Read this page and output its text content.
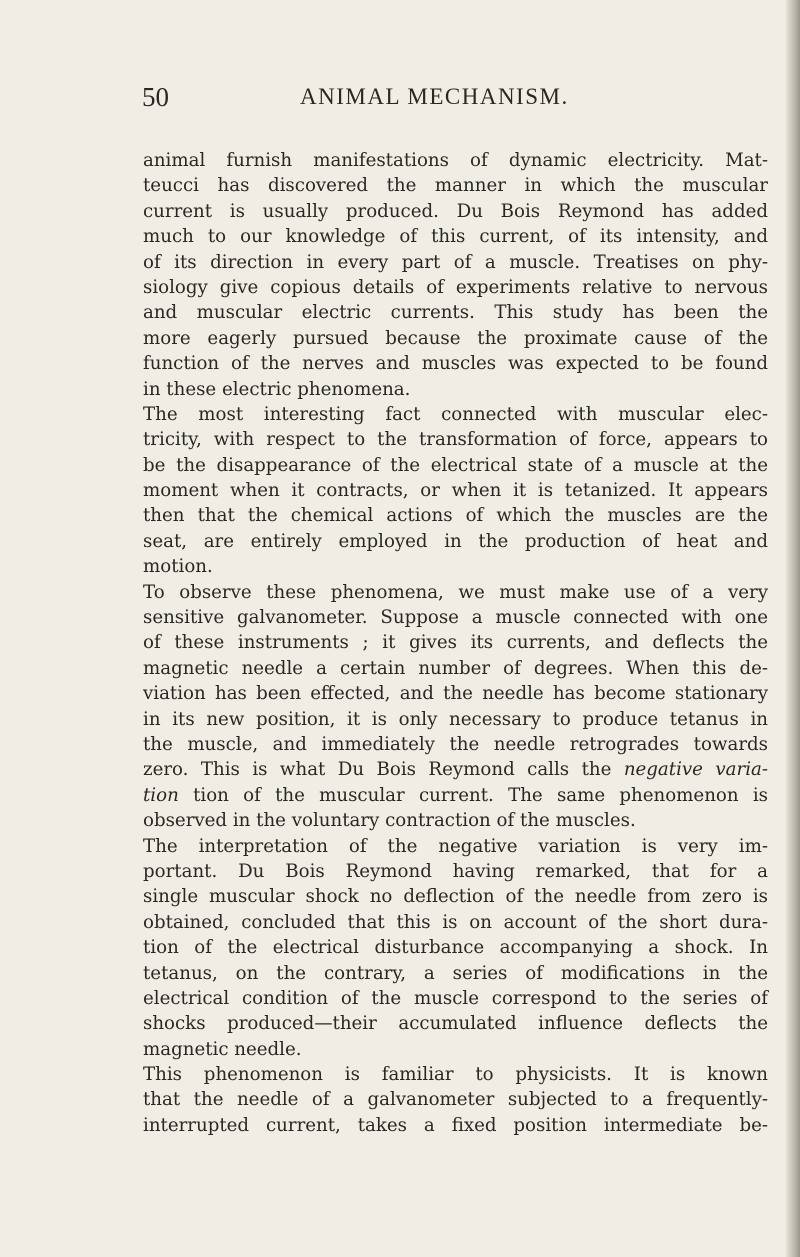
50	ANIMAL MECHANISM.
animal furnish manifestations of dynamic electricity. Mat-
teucci has discovered the manner in which the muscular
current is usually produced. Du Bois Reymond has added
much to our knowledge of this current, of its intensity, and
of its direction in every part of a muscle. Treatises on phy-
siology give copious details of experiments relative to nervous
and muscular electric currents. This study has been the
more eagerly pursued because the proximate cause of the
function of the nerves and muscles was expected to be found
in these electric phenomena.
The most interesting fact connected with muscular elec-
tricity, with respect to the transformation of force, appears to
be the disappearance of the electrical state of a muscle at the
moment when it contracts, or when it is tetanized. It appears
then that the chemical actions of which the muscles are the
seat, are entirely employed in the production of heat and
motion.
To observe these phenomena, we must make use of a very
sensitive galvanometer. Suppose a muscle connected with one
of these instruments ; it gives its currents, and deflects the
magnetic needle a certain number of degrees. When this de-
viation has been effected, and the needle has become stationary
in its new position, it is only necessary to produce tetanus in
the muscle, and immediately the needle retrogrades towards
zero. This is what Du Bois Reymond calls the negative varia-
tion tion of the muscular current. The same phenomenon is
observed in the voluntary contraction of the muscles.
The interpretation of the negative variation is very im-
portant. Du Bois Reymond having remarked, that for a
single muscular shock no deflection of the needle from zero is
obtained, concluded that this is on account of the short dura-
tion of the electrical disturbance accompanying a shock. In
tetanus, on the contrary, a series of modifications in the
electrical condition of the muscle correspond to the series of
shocks produced—their accumulated influence deflects the
magnetic needle.
This phenomenon is familiar to physicists. It is known
that the needle of a galvanometer subjected to a frequently-
interrupted current, takes a fixed position intermediate be-
